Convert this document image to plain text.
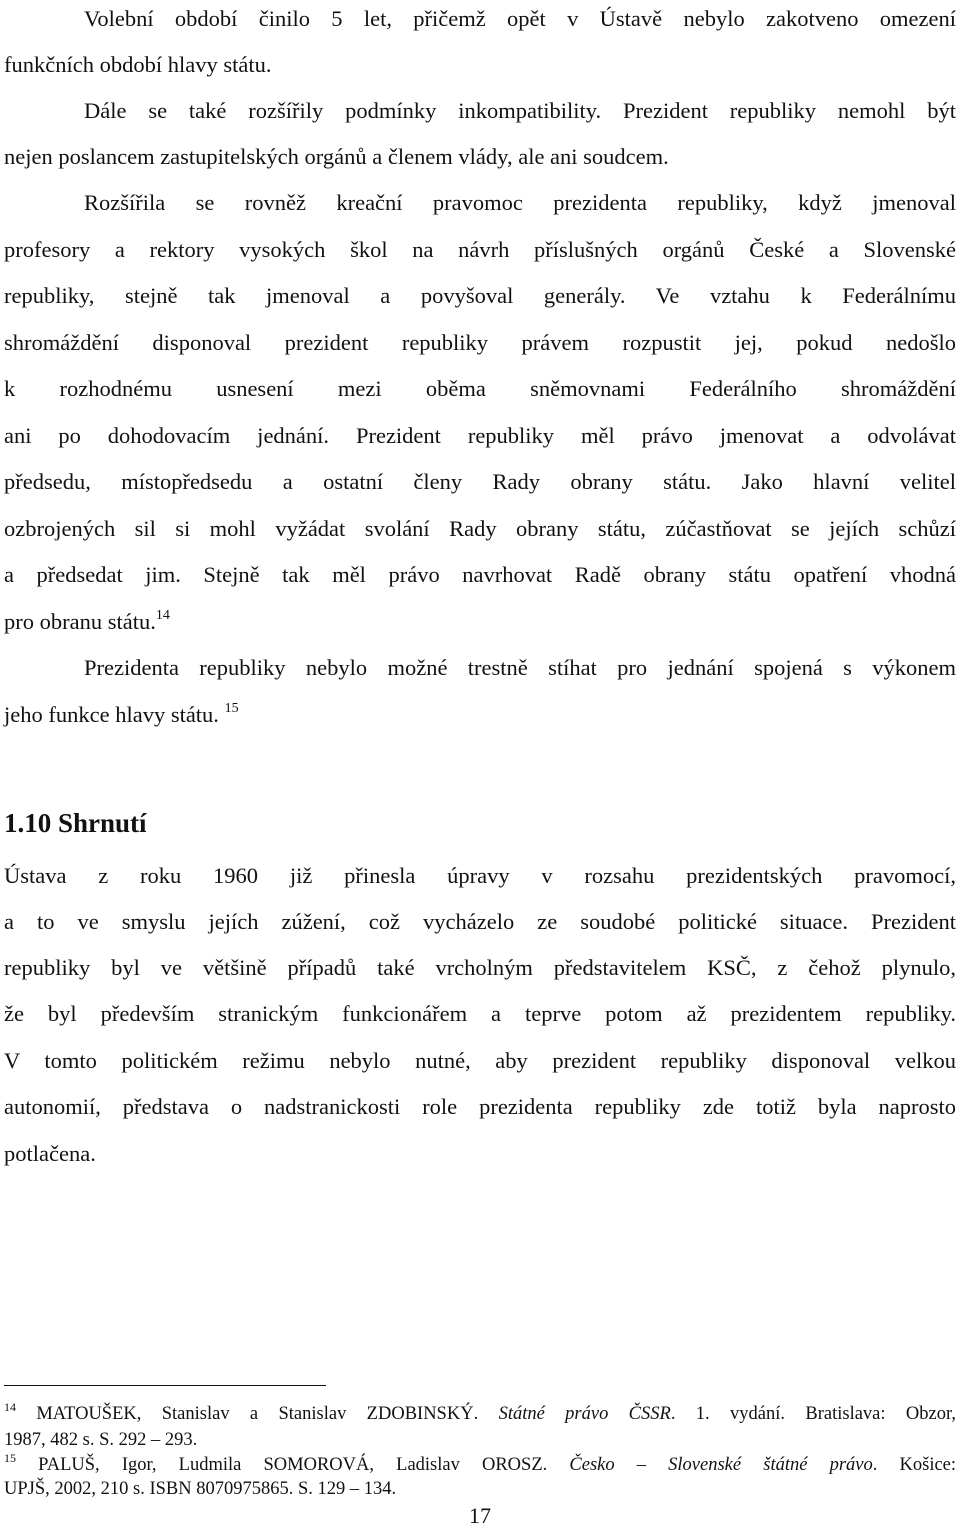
Volební období činilo 5 let, přičemž opět v Ústavě nebylo zakotveno omezení
funkčních období hlavy státu.
Dále se také rozšířily podmínky inkompatibility. Prezident republiky nemohl být
nejen poslancem zastupitelských orgánů a členem vlády, ale ani soudcem.
Rozšířila se rovněž kreační pravomoc prezidenta republiky, když jmenoval
profesory a rektory vysokých škol na návrh příslušných orgánů České a Slovenské
republiky, stejně tak jmenoval a povyšoval generály. Ve vztahu k Federálnímu
shromáždění disponoval prezident republiky právem rozpustit jej, pokud nedošlo
k rozhodnému usnesení mezi oběma sněmovnami Federálního shromáždění
ani po dohodovacím jednání. Prezident republiky měl právo jmenovat a odvolávat
předsedu, místopředsedu a ostatní členy Rady obrany státu. Jako hlavní velitel
ozbrojených sil si mohl vyžádat svolání Rady obrany státu, zúčastňovat se jejích schůzí
a předsedat jim. Stejně tak měl právo navrhovat Radě obrany státu opatření vhodná
pro obranu státu.$^{14}$
Prezidenta republiky nebylo možné trestně stíhat pro jednání spojená s výkonem
jeho funkce hlavy státu. $^{15}$
1.10 Shrnutí
Ústava z roku 1960 již přinesla úpravy v rozsahu prezidentských pravomocí,
a to ve smyslu jejích zúžení, což vycházelo ze soudobé politické situace. Prezident
republiky byl ve většině případů také vrcholným představitelem KSČ, z čehož plynulo,
že byl především stranickým funkcionářem a teprve potom až prezidentem republiky.
V tomto politickém režimu nebylo nutné, aby prezident republiky disponoval velkou
autonomií, představa o nadstranickosti role prezidenta republiky zde totiž byla naprosto
potlačena.
$^{14}$ MATOUŠEK, Stanislav a Stanislav ZDOBINSKÝ. Státné právo ČSSR. 1. vydání. Bratislava: Obzor,
1987, 482 s. S. 292 – 293.
$^{15}$ PALUŠ, Igor, Ludmila SOMOROVÁ, Ladislav OROSZ. Česko – Slovenské štátné právo. Košice:
UPJŠ, 2002, 210 s. ISBN 8070975865. S. 129 – 134.
17
